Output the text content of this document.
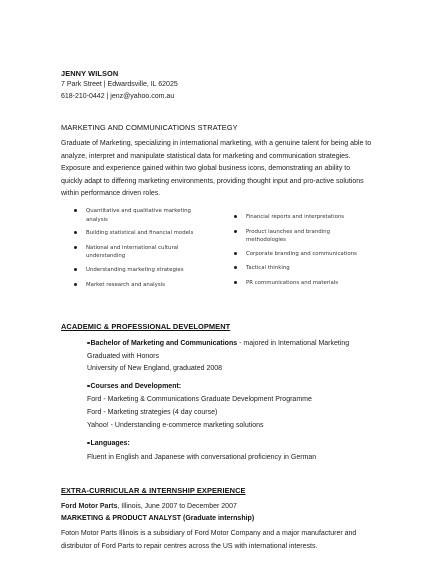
JENNY WILSON
7 Park Street | Edwardsville, IL 62025
618-210-0442 | jenz@yahoo.com.au
MARKETING AND COMMUNICATIONS STRATEGY
Graduate of Marketing, specializing in international marketing, with a genuine talent for being able to
analyze, interpret and manipulate statistical data for marketing and communication strategies.
Exposure and experience gained within two global business icons, demonstrating an ability to
quickly adapt to differing marketing environments, providing thought input and pro-active solutions
within performance driven roles.
Quantitative and qualitative marketing
analysis
Building statistical and financial models
National and international cultural
understanding
Understanding marketing strategies
Market research and analysis
Financial reports and interpretations
Product launches and branding
methodologies
Corporate branding and communications
Tactical thinking
PR communications and materials
ACADEMIC & PROFESSIONAL DEVELOPMENT
Bachelor of Marketing and Communications - majored in International Marketing
Graduated with Honors
University of New England, graduated 2008
Courses and Development:
Ford - Marketing & Communications Graduate Development Programme
Ford - Marketing strategies (4 day course)
Yahoo! - Understanding e-commerce marketing solutions
Languages:
Fluent in English and Japanese with conversational proficiency in German
EXTRA-CURRICULAR & INTERNSHIP EXPERIENCE
Ford Motor Parts, Illinois, June 2007 to December 2007
MARKETING & PRODUCT ANALYST (Graduate internship)
Foton Motor Parts Illinois is a subsidiary of Ford Motor Company and a major manufacturer and
distributor of Ford Parts to repair centres across the US with international interests.
